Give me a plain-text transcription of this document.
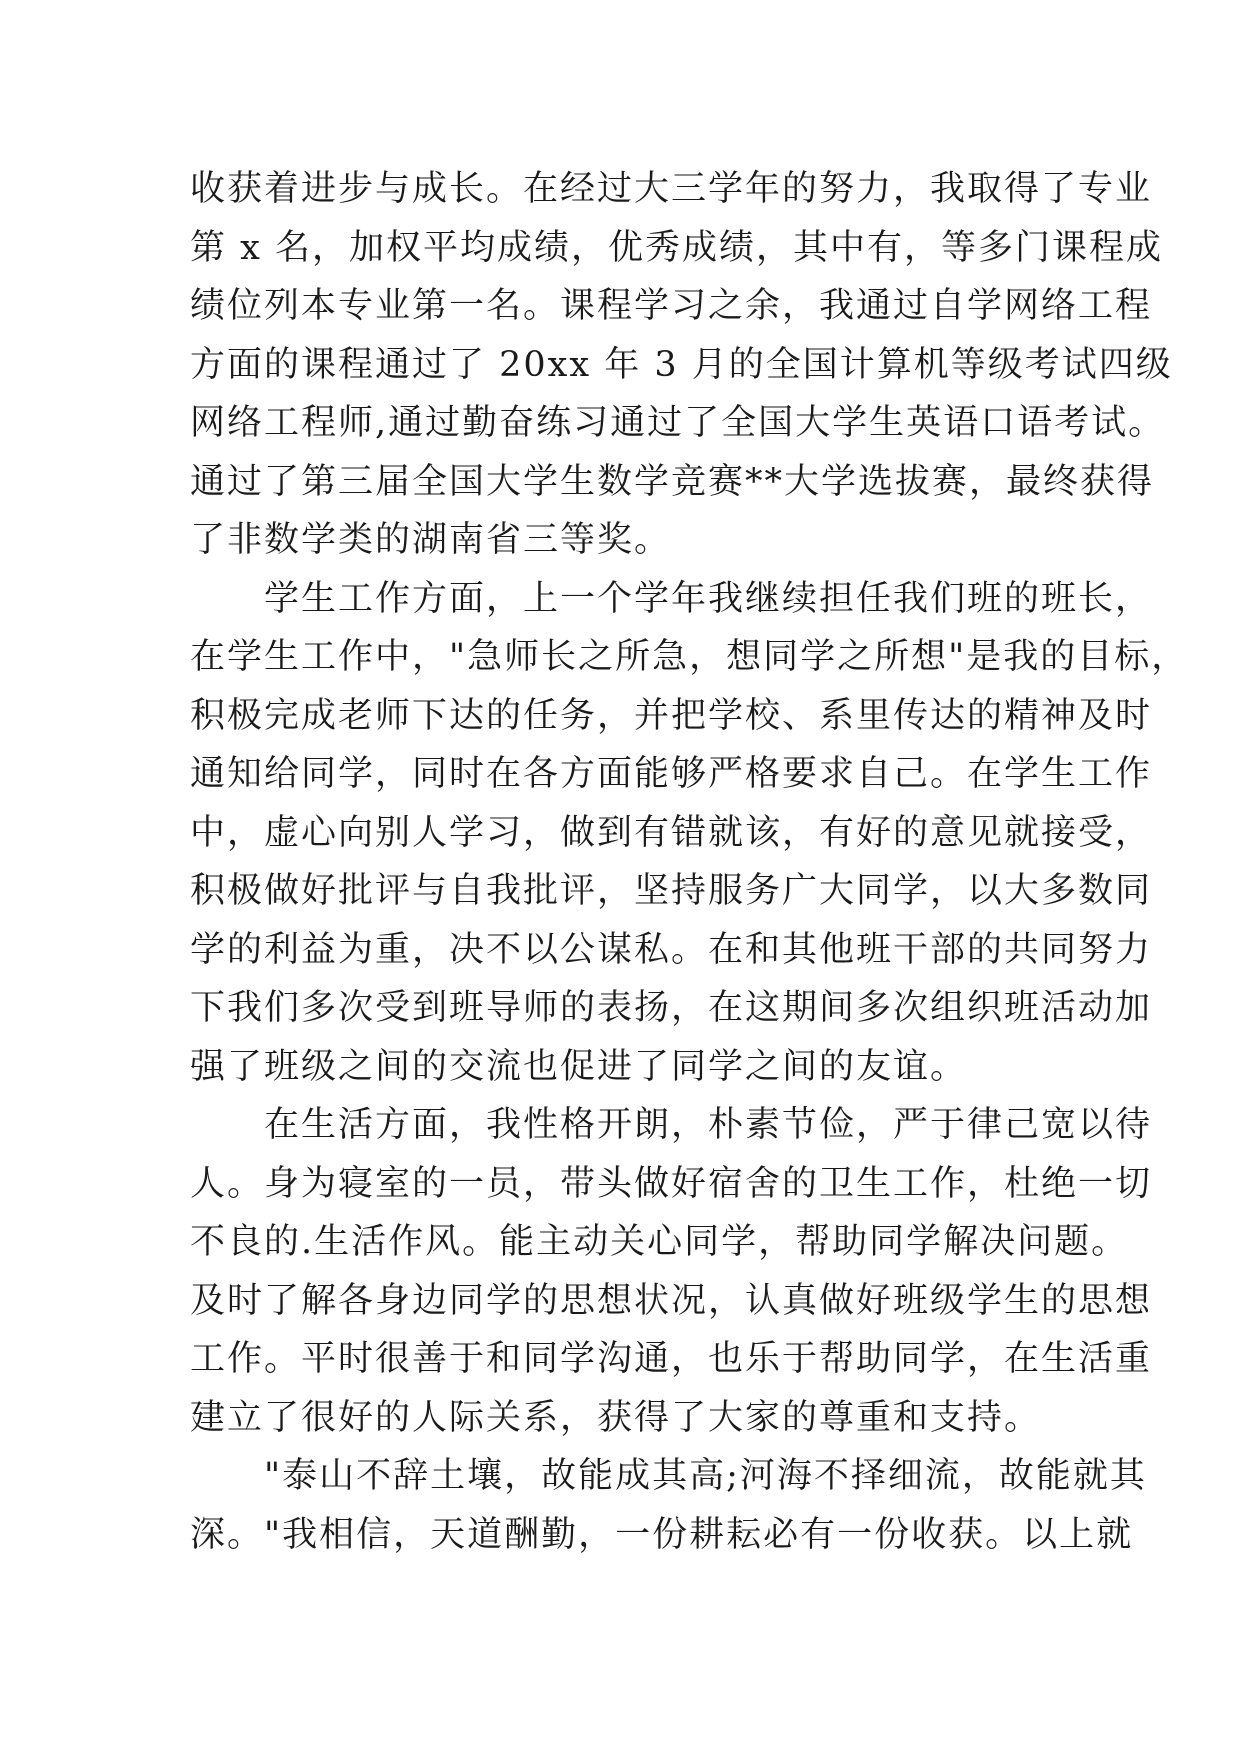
收获着进步与成长。在经过大三学年的努力，我取得了专业
第 x 名，加权平均成绩，优秀成绩，其中有，等多门课程成
绩位列本专业第一名。课程学习之余，我通过自学网络工程
方面的课程通过了 20xx 年 3 月的全国计算机等级考试四级
网络工程师,通过勤奋练习通过了全国大学生英语口语考试。
通过了第三届全国大学生数学竞赛**大学选拔赛，最终获得
了非数学类的湖南省三等奖。
　　学生工作方面，上一个学年我继续担任我们班的班长，
在学生工作中，"急师长之所急，想同学之所想"是我的目标，
积极完成老师下达的任务，并把学校、系里传达的精神及时
通知给同学，同时在各方面能够严格要求自己。在学生工作
中，虚心向别人学习，做到有错就该，有好的意见就接受，
积极做好批评与自我批评，坚持服务广大同学，以大多数同
学的利益为重，决不以公谋私。在和其他班干部的共同努力
下我们多次受到班导师的表扬，在这期间多次组织班活动加
强了班级之间的交流也促进了同学之间的友谊。
　　在生活方面，我性格开朗，朴素节俭，严于律己宽以待
人。身为寝室的一员，带头做好宿舍的卫生工作，杜绝一切
不良的.生活作风。能主动关心同学，帮助同学解决问题。
及时了解各身边同学的思想状况，认真做好班级学生的思想
工作。平时很善于和同学沟通，也乐于帮助同学，在生活重
建立了很好的人际关系，获得了大家的尊重和支持。
　　"泰山不辞土壤，故能成其高;河海不择细流，故能就其
深。"我相信，天道酬勤，一份耕耘必有一份收获。以上就
